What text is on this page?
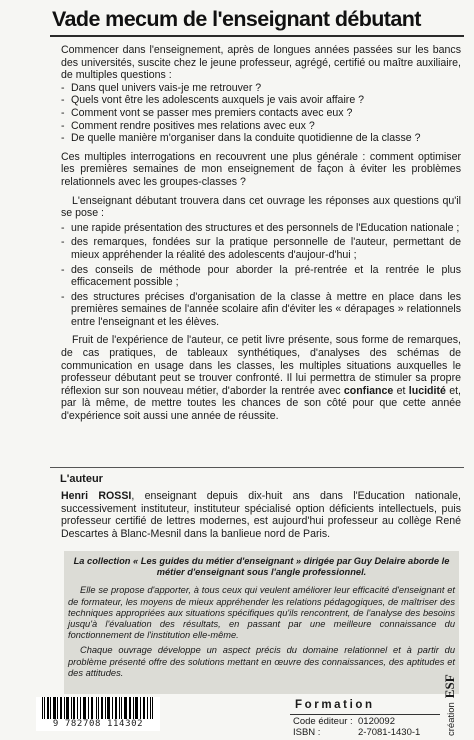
Vade mecum de l'enseignant débutant

Commencer dans l'enseignement, après de longues années passées sur les bancs des universités, suscite chez le jeune professeur, agrégé, certifié ou maître auxiliaire, de multiples questions :

- Dans quel univers vais-je me retrouver ?
- Quels vont être les adolescents auxquels je vais avoir affaire ?
- Comment vont se passer mes premiers contacts avec eux ?
- Comment rendre positives mes relations avec eux ?
- De quelle manière m'organiser dans la conduite quotidienne de la classe ?

Ces multiples interrogations en recouvrent une plus générale : comment optimiser les premières semaines de mon enseignement de façon à éviter les problèmes relationnels avec les groupes-classes ?

L'enseignant débutant trouvera dans cet ouvrage les réponses aux questions qu'il se pose :

- une rapide présentation des structures et des personnels de l'Education nationale ;
- des remarques, fondées sur la pratique personnelle de l'auteur, permettant de mieux appréhender la réalité des adolescents d'aujour-d'hui ;
- des conseils de méthode pour aborder la pré-rentrée et la rentrée le plus efficacement possible ;
- des structures précises d'organisation de la classe à mettre en place dans les premières semaines de l'année scolaire afin d'éviter les « dérapages » relationnels entre l'enseignant et les élèves.

Fruit de l'expérience de l'auteur, ce petit livre présente, sous forme de remarques, de cas pratiques, de tableaux synthétiques, d'analyses des schémas de communication en usage dans les classes, les multiples situations auxquelles le professeur débutant peut se trouver confronté. Il lui permettra de stimuler sa propre réflexion sur son nouveau métier, d'aborder la rentrée avec confiance et lucidité et, par là même, de mettre toutes les chances de son côté pour que cette année d'expérience soit aussi une année de réussite.

L'auteur
Henri ROSSI, enseignant depuis dix-huit ans dans l'Education nationale, successivement instituteur, instituteur spécialisé option déficients intellectuels, puis professeur certifié de lettres modernes, est aujourd'hui professeur au collège René Descartes à Blanc-Mesnil dans la banlieue nord de Paris.

La collection « Les guides du métier d'enseignant » dirigée par Guy Delaire aborde le métier d'enseignant sous l'angle professionnel.

Elle se propose d'apporter, à tous ceux qui veulent améliorer leur efficacité d'enseignant et de formateur, les moyens de mieux appréhender les relations pédagogiques, de maîtriser des techniques appropriées aux situations spécifiques qu'ils rencontrent, de l'analyse des besoins jusqu'à l'évaluation des résultats, en passant par une meilleure connaissance du fonctionnement de l'institution elle-même.

Chaque ouvrage développe un aspect précis du domaine relationnel et à partir du problème présenté offre des solutions mettant en œuvre des connaissances, des aptitudes et des attitudes.

9 782708 114302
Formation
Code éditeur : 0120092
ISBN :	2-7081-1430-1	créationESF
